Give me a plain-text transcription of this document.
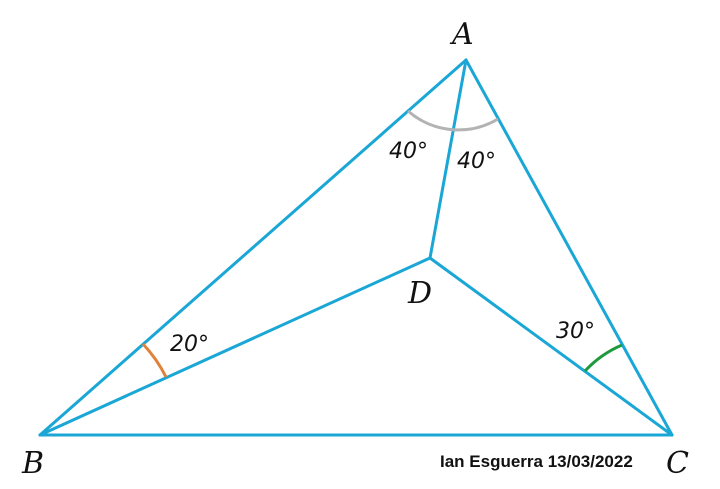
A
B	C
D
40° 40°
20°
30°
Ian Esguerra 13/03/2022
